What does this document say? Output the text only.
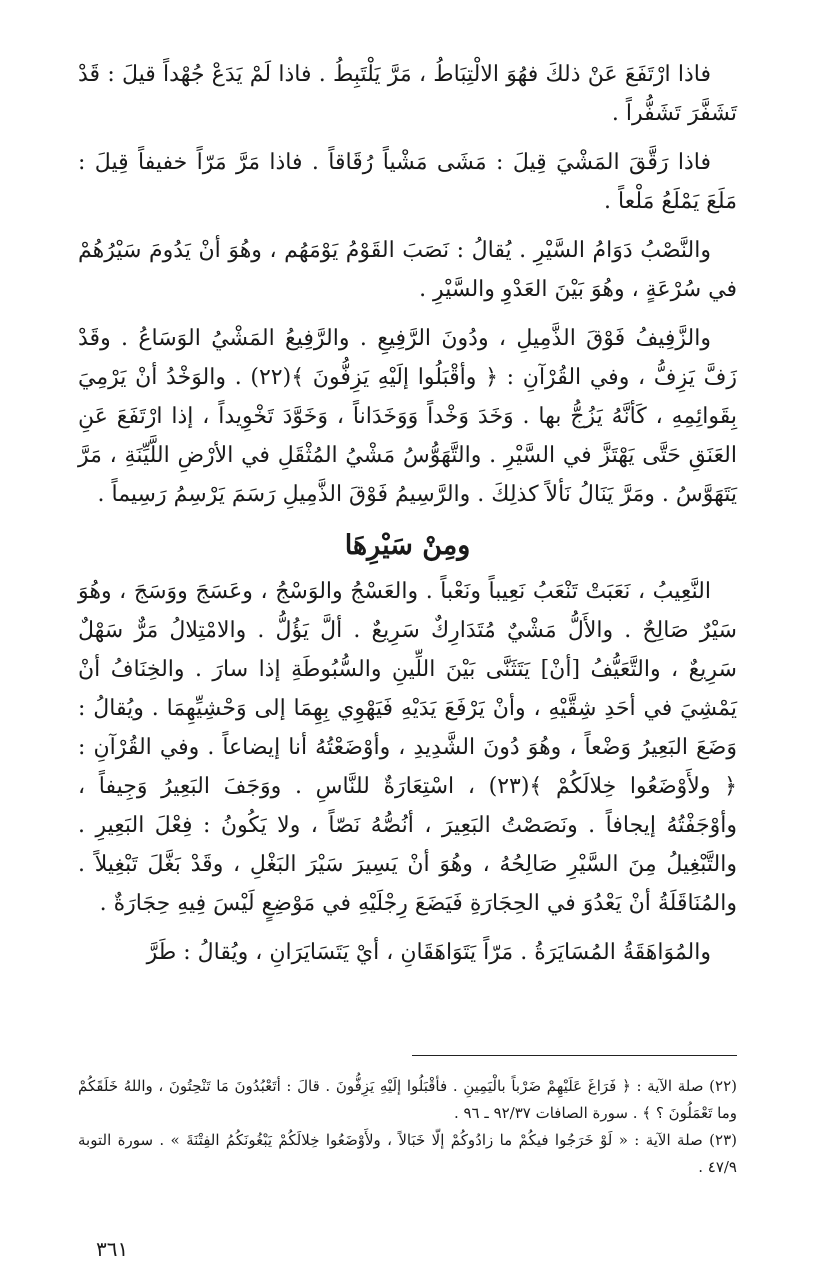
فاذا ارْتَفَعَ عَنْ ذلكَ فهُوَ الالْتِبَاطُ ، مَرَّ يَلْتَبِطُ . فاذا لَمْ يَدَعْ جُهْداً قيلَ : قَدْ تَشَفَّرَ تَشَفُّراً .

فاذا رَقَّقَ المَشْيَ قِيلَ : مَشَى مَشْياً رُقَاقاً . فاذا مَرَّ مَرّاً خفيفاً قِيلَ : مَلَعَ يَمْلَعُ مَلْعاً .

والنَّصْبُ دَوَامُ السَّيْرِ . يُقالُ : نَصَبَ القَوْمُ يَوْمَهُم ، وهُوَ أنْ يَدُومَ سَيْرُهُمْ في سُرْعَةٍ ، وهُوَ بَيْنَ العَدْوِ والسَّيْرِ .

والزَّفِيفُ فَوْقَ الذَّمِيلِ ، ودُونَ الرَّفِيعِ . والرَّفِيعُ المَشْيُ الوَسَاعُ . وقَدْ زَفَّ يَزِفُّ ، وفي القُرْآنِ : ﴿ وأقْبَلُوا إلَيْهِ يَزِفُّونَ ﴾(٢٢) . والوَخْدُ أنْ يَرْمِيَ بِقَوائِمِهِ ، كَأنَّهُ يَزُجُّ بها . وَخَدَ وَخْداً وَوَخَدَاناً ، وَخَوَّدَ تَخْوِيداً ، إذا ارْتَفَعَ عَنِ العَنَقِ حَتَّى يَهْتَزَّ في السَّيْرِ . والتَّهَوُّسُ مَشْيُ المُثْقَلِ في الأرْضِ اللَّيِّنَةِ ، مَرَّ يَتَهَوَّسُ . ومَرَّ يَنَالُ نَألاً كذلِكَ . والرَّسِيمُ فَوْقَ الذَّمِيلِ رَسَمَ يَرْسِمُ رَسِيماً .

ومِنْ سَيْرِهَا

النَّعِيبُ ، نَعَبَتْ تَنْعَبُ نَعِيباً ونَعْباً . والعَسْجُ والوَسْجُ ، وعَسَجَ ووَسَجَ ، وهُوَ سَيْرٌ صَالِحٌ . والأَلُّ مَشْيٌ مُتَدَارِكٌ سَرِيعٌ . ألَّ يَؤُلُّ . والامْتِلالُ مَرٌّ سَهْلٌ سَرِيعٌ ، والتَّعَيُّفُ [أنْ] يَتَثَنَّى بَيْنَ اللِّينِ والسُّبُوطَةِ إذا سارَ . والخِنَافُ أنْ يَمْشِيَ في أحَدِ شِقَّيْهِ ، وأنْ يَرْفَعَ يَدَيْهِ فَيَهْوِي بِهِمَا إلى وَحْشِيِّهِمَا . ويُقالُ : وَضَعَ البَعِيرُ وَضْعاً ، وهُوَ دُونَ الشَّدِيدِ ، وأوْضَعْتُهُ أنا إيضاعاً . وفي القُرْآنِ : ﴿ ولأَوْضَعُوا خِلالَكُمْ ﴾(٢٣) ، اسْتِعَارَةٌ للنَّاسِ . ووَجَفَ البَعِيرُ وَجِيفاً ، وأوْجَفْتُهُ إيجافاً . ونَصَصْتُ البَعِيرَ ، أنُصُّهُ نَصّاً ، ولا يَكُونُ : فِعْلَ البَعِيرِ . والتَّبْغِيلُ مِنَ السَّيْرِ صَالِحُهُ ، وهُوَ أنْ يَسِيرَ سَيْرَ البَغْلِ ، وقَدْ بَغَّلَ تَبْغِيلاً . والمُنَاقَلَةُ أنْ يَعْدُوَ في الحِجَارَةِ فَيَضَعَ رِجْلَيْهِ في مَوْضِعٍ لَيْسَ فِيهِ حِجَارَةٌ .

والمُوَاهَقَةُ المُسَايَرَةُ . مَرّاً يَتَوَاهَقَانِ ، أيْ يَتَسَايَرَانِ ، ويُقالُ : طَرَّ

(٢٢) صلة الآية : ﴿ فَرَاغَ عَلَيْهِمْ ضَرْباً بالْيَمِينِ . فأقْبَلُوا إلَيْهِ يَزِفُّونَ . قالَ : أتَعْبُدُونَ مَا تَنْحِتُونَ ، واللهُ خَلَقَكُمْ وما تَعْمَلُونَ ؟ ﴾ . سورة الصافات ٩٢/٣٧ ـ ٩٦ .

(٢٣) صلة الآية : « لَوْ خَرَجُوا فيكُمْ ما زادُوكُمْ إلّا خَبَالاً ، ولأَوْضَعُوا خِلالَكُمْ يَبْغُونَكُمُ الفِتْنَةَ » . سورة التوبة ٤٧/٩ .

٣٦١
